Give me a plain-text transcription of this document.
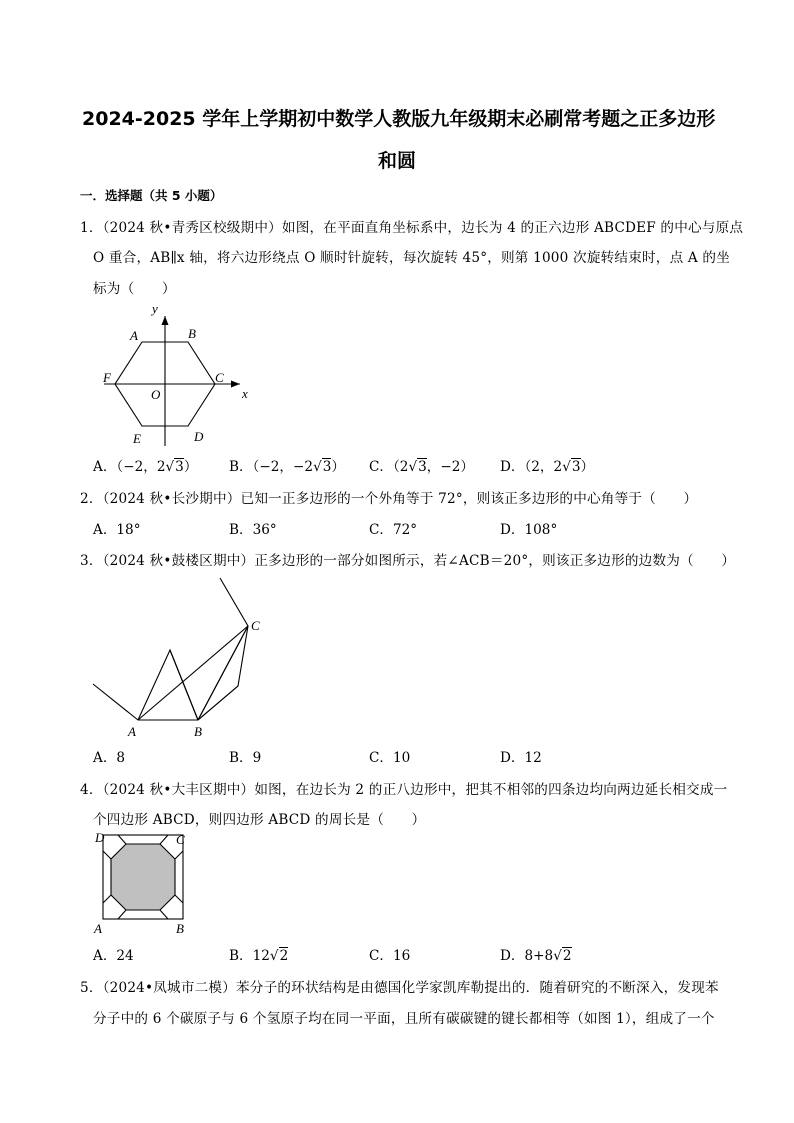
2024-2025 学年上学期初中数学人教版九年级期末必刷常考题之正多边形
和圆
一．选择题（共 5 小题）
1．（2024 秋•青秀区校级期中）如图，在平面直角坐标系中，边长为 4 的正六边形 ABCDEF 的中心与原点
O 重合，AB∥x 轴，将六边形绕点 O 顺时针旋转，每次旋转 45°，则第 1000 次旋转结束时，点 A 的坐
标为（　　）
A	B
C
D
E
F
O	x
y
A．（−2，2√3） B．（−2，−2√3） C．（2√3，−2） D．（2，2√3）
2．（2024 秋•长沙期中）已知一正多边形的一个外角等于 72°，则该正多边形的中心角等于（　　）
A．18°	B．36°	C．72°	D．108°
3．（2024 秋•鼓楼区期中）正多边形的一部分如图所示，若∠ACB＝20°，则该正多边形的边数为（　　）
A	B
C
A．8	B．9	C．10	D．12
4．（2024 秋•大丰区期中）如图，在边长为 2 的正八边形中，把其不相邻的四条边均向两边延长相交成一
个四边形 ABCD，则四边形 ABCD 的周长是（　　）
A	B
C
D
A．24	B．12√2	C．16	D．8+8√2
5．（2024•凤城市二模）苯分子的环状结构是由德国化学家凯库勒提出的．随着研究的不断深入，发现苯
分子中的 6 个碳原子与 6 个氢原子均在同一平面，且所有碳碳键的键长都相等（如图 1），组成了一个
